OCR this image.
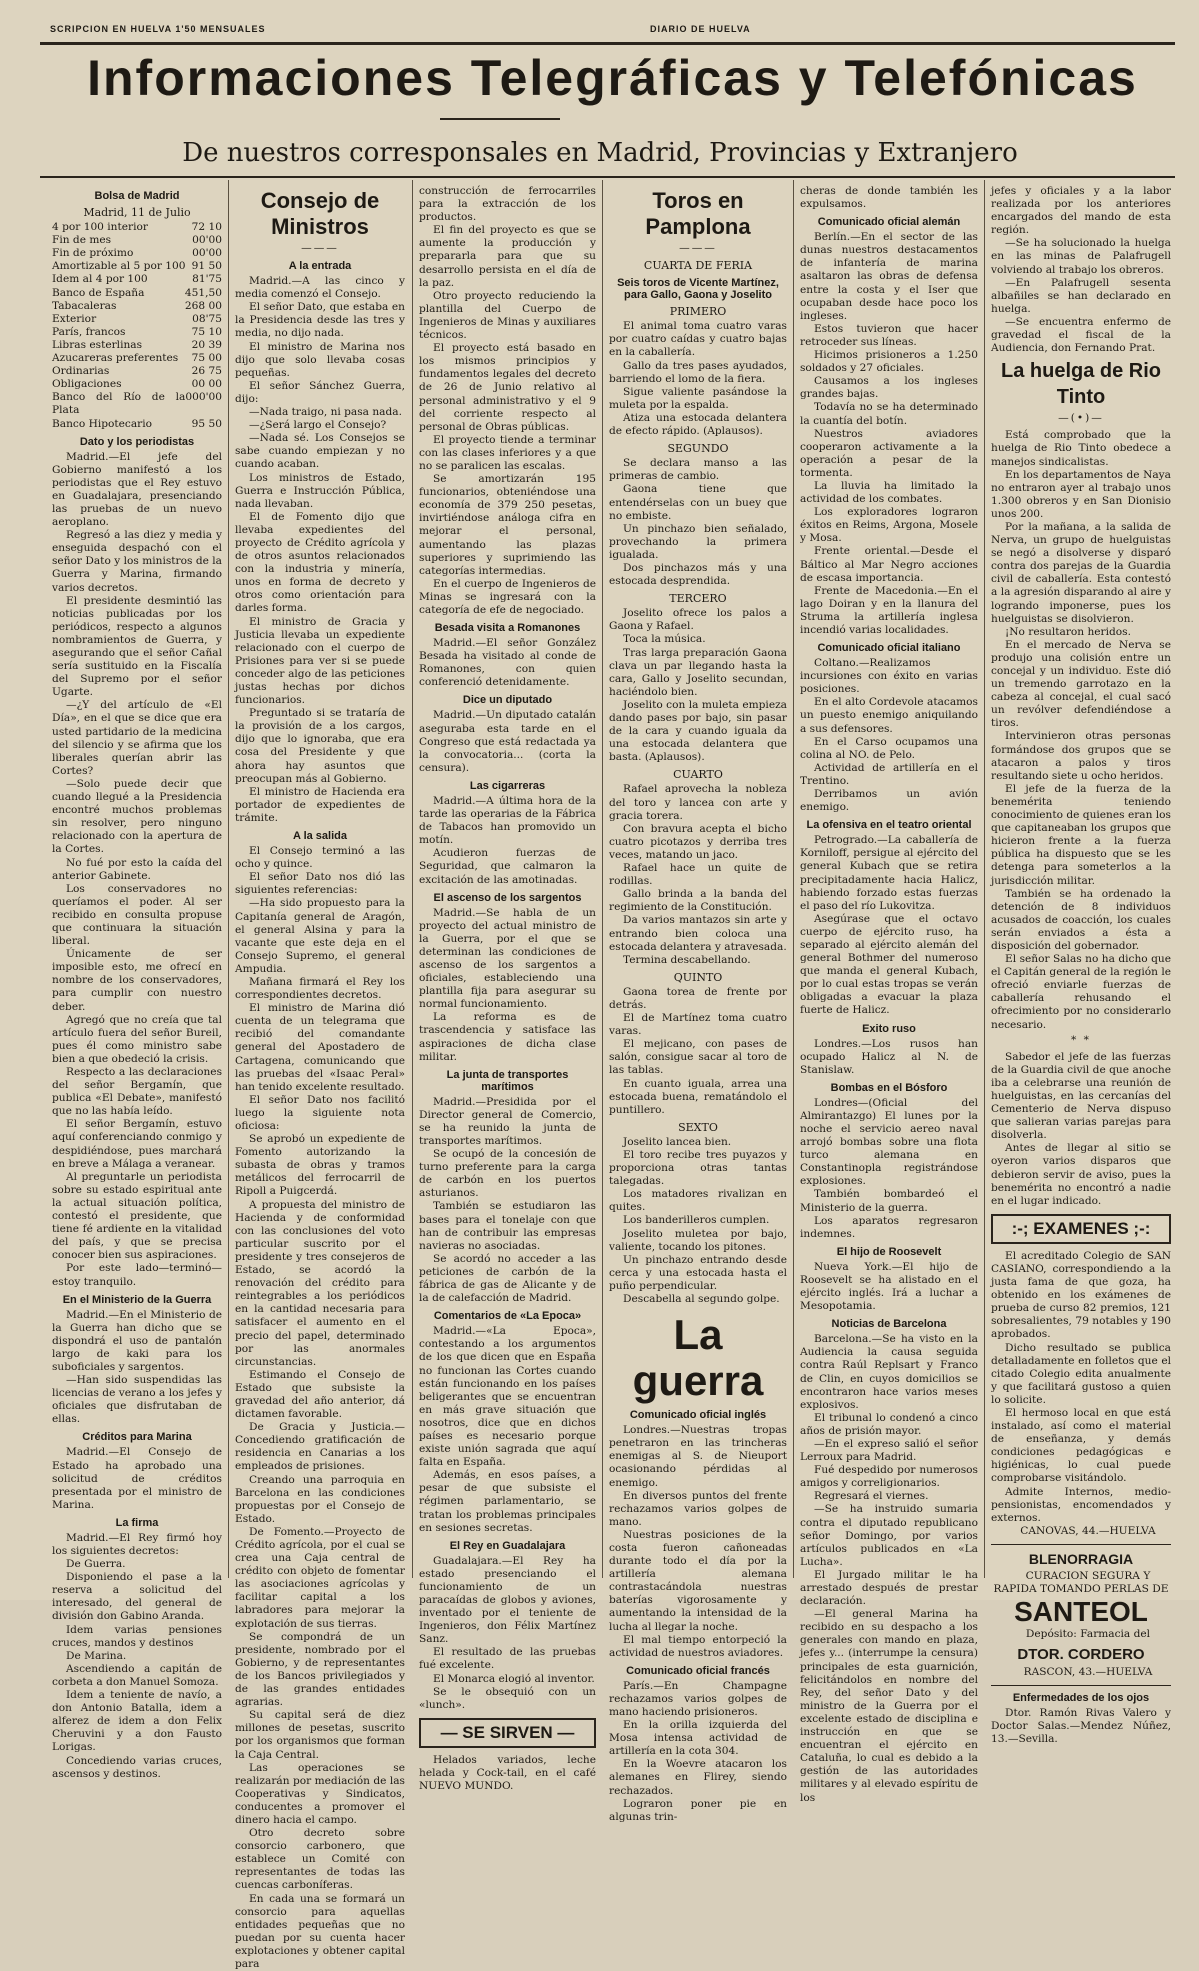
SCRIPCION EN HUELVA 1'50 MENSUALES	DIARIO DE HUELVA
Informaciones Telegráficas y Telefónicas
De nuestros corresponsales en Madrid, Provincias y Extranjero
Bolsa de Madrid

Madrid, 11 de Julio

4 por 100 interior	72 10
Fin de mes	00'00
Fin de próximo	00'00
Amortizable al 5 por 100 91 50
Idem al 4 por 100	81'75
Banco de España	451,50
Tabacaleras	268 00
Exterior	08'75
París, francos	75 10
Libras esterlinas	20 39
Azucareras preferentes 75 00
Ordinarias	26 75
Obligaciones	00 00
Banco del Río de la Plata
000'00
Banco Hipotecario	95 50
Dato y los periodistas

Madrid.—El jefe del Gobierno manifestó a los periodistas que el Rey estuvo en Guadalajara, presenciando las pruebas de un nuevo aeroplano.

Regresó a las diez y media y enseguida despachó con el señor Dato y los ministros de la Guerra y Marina, firmando varios decretos.

El presidente desmintió las noticias publicadas por los periódicos, respecto a algunos nombramientos de Guerra, y asegurando que el señor Cañal sería sustituido en la Fiscalía del Supremo por el señor Ugarte.

—¿Y del artículo de «El Día», en el que se dice que era usted partidario de la medicina del silencio y se afirma que los liberales querían abrir las Cortes?

—Solo puede decir que cuando llegué a la Presidencia encontré muchos problemas sin resolver, pero ninguno relacionado con la apertura de la Cortes.

No fué por esto la caída del anterior Gabinete.

Los conservadores no queríamos el poder. Al ser recibido en consulta propuse que continuara la situación liberal.

Únicamente de ser imposible esto, me ofrecí en nombre de los conservadores, para cumplir con nuestro deber.

Agregó que no creía que tal artículo fuera del señor Bureil, pues él como ministro sabe bien a que obedeció la crisis.

Respecto a las declaraciones del señor Bergamín, que publica «El Debate», manifestó que no las había leído.

El señor Bergamín, estuvo aquí conferenciando conmigo y despidiéndose, pues marchará en breve a Málaga a veranear.

Al preguntarle un periodista sobre su estado espiritual ante la actual situación política, contestó el presidente, que tiene fé ardiente en la vitalidad del país, y que se precisa conocer bien sus aspiraciones.

Por este lado—terminó—estoy tranquilo.

En el Ministerio de la Guerra

Madrid.—En el Ministerio de la Guerra han dicho que se dispondrá el uso de pantalón largo de kaki para los suboficiales y sargentos.

—Han sido suspendidas las licencias de verano a los jefes y oficiales que disfrutaban de ellas.

Créditos para Marina

Madrid.—El Consejo de Estado ha aprobado una solicitud de créditos presentada por el ministro de Marina.

La firma

Madrid.—El Rey firmó hoy los siguientes decretos:

De Guerra.

Disponiendo el pase a la reserva a solicitud del interesado, del general de división don Gabino Aranda.

Idem varias pensiones cruces, mandos y destinos

De Marina.

Ascendiendo a capitán de corbeta a don Manuel Somoza.

Idem a teniente de navío, a don Antonio Batalla, idem a alferez de idem a don Felix Cheruvini y a don Fausto Lorigas.

Concediendo varias cruces, ascensos y destinos.

Consejo de Ministros
———
A la entrada

Madrid.—A las cinco y media comenzó el Consejo.

El señor Dato, que estaba en la Presidencia desde las tres y media, no dijo nada.

El ministro de Marina nos dijo que solo llevaba cosas pequeñas.

El señor Sánchez Guerra, dijo:

—Nada traigo, ni pasa nada.

—¿Será largo el Consejo?

—Nada sé. Los Consejos se sabe cuando empiezan y no cuando acaban.

Los ministros de Estado, Guerra e Instrucción Pública, nada llevaban.

El de Fomento dijo que llevaba expedientes del proyecto de Crédito agrícola y de otros asuntos relacionados con la industria y minería, unos en forma de decreto y otros como orientación para darles forma.

El ministro de Gracia y Justicia llevaba un expediente relacionado con el cuerpo de Prisiones para ver si se puede conceder algo de las peticiones justas hechas por dichos funcionarios.

Preguntado si se trataría de la provisión de a los cargos, dijo que lo ignoraba, que era cosa del Presidente y que ahora hay asuntos que preocupan más al Gobierno.

El ministro de Hacienda era portador de expedientes de trámite.

A la salida

El Consejo terminó a las ocho y quince.

El señor Dato nos dió las siguientes referencias:

—Ha sido propuesto para la Capitanía general de Aragón, el general Alsina y para la vacante que este deja en el Consejo Supremo, el general Ampudia.

Mañana firmará el Rey los correspondientes decretos.

El ministro de Marina dió cuenta de un telegrama que recibió del comandante general del Apostadero de Cartagena, comunicando que las pruebas del «Isaac Peral» han tenido excelente resultado.

El señor Dato nos facilitó luego la siguiente nota oficiosa:

Se aprobó un expediente de Fomento autorizando la subasta de obras y tramos metálicos del ferrocarril de Ripoll a Puigcerdá.

A propuesta del ministro de Hacienda y de conformidad con las conclusiones del voto particular suscrito por el presidente y tres consejeros de Estado, se acordó la renovación del crédito para reintegrables a los periódicos en la cantidad necesaria para satisfacer el aumento en el precio del papel, determinado por las anormales circunstancias.

Estimando el Consejo de Estado que subsiste la gravedad del año anterior, dá dictamen favorable.

De Gracia y Justicia.—Concediendo gratificación de residencia en Canarias a los empleados de prisiones.

Creando una parroquia en Barcelona en las condiciones propuestas por el Consejo de Estado.

De Fomento.—Proyecto de Crédito agrícola, por el cual se crea una Caja central de crédito con objeto de fomentar las asociaciones agrícolas y facilitar capital a los labradores para mejorar la explotación de sus tierras.

Se compondrá de un presidente, nombrado por el Gobierno, y de representantes de los Bancos privilegiados y de las grandes entidades agrarias.

Su capital será de diez millones de pesetas, suscrito por los organismos que forman la Caja Central.

Las operaciones se realizarán por mediación de las Cooperativas y Sindicatos, conducentes a promover el dinero hacia el campo.

Otro decreto sobre consorcio carbonero, que establece un Comité con representantes de todas las cuencas carboníferas.

En cada una se formará un consorcio para aquellas entidades pequeñas que no puedan por su cuenta hacer explotaciones y obtener capital para

construcción de ferrocarriles para la extracción de los productos.

El fin del proyecto es que se aumente la producción y prepararla para que su desarrollo persista en el día de la paz.

Otro proyecto reduciendo la plantilla del Cuerpo de Ingenieros de Minas y auxiliares técnicos.

El proyecto está basado en los mismos principios y fundamentos legales del decreto de 26 de Junio relativo al personal administrativo y el 9 del corriente respecto al personal de Obras públicas.

El proyecto tiende a terminar con las clases inferiores y a que no se paralicen las escalas.

Se amortizarán 195 funcionarios, obteniéndose una economía de 379 250 pesetas, invirtiéndose análoga cifra en mejorar el personal, aumentando las plazas superiores y suprimiendo las categorías intermedias.

En el cuerpo de Ingenieros de Minas se ingresará con la categoría de efe de negociado.

Besada visita a Romanones

Madrid.—El señor González Besada ha visitado al conde de Romanones, con quien conferenció detenidamente.

Dice un diputado

Madrid.—Un diputado catalán aseguraba esta tarde en el Congreso que está redactada ya la convocatoria... (corta la censura).

Las cigarreras

Madrid.—A última hora de la tarde las operarias de la Fábrica de Tabacos han promovido un motín.

Acudieron fuerzas de Seguridad, que calmaron la excitación de las amotinadas.

El ascenso de los sargentos

Madrid.—Se habla de un proyecto del actual ministro de la Guerra, por el que se determinan las condiciones de ascenso de los sargentos a oficiales, estableciendo una plantilla fija para asegurar su normal funcionamiento.

La reforma es de trascendencia y satisface las aspiraciones de dicha clase militar.

La junta de transportes marítimos

Madrid.—Presidida por el Director general de Comercio, se ha reunido la junta de transportes marítimos.

Se ocupó de la concesión de turno preferente para la carga de carbón en los puertos asturianos.

También se estudiaron las bases para el tonelaje con que han de contribuir las empresas navieras no asociadas.

Se acordó no acceder a las peticiones de carbón de la fábrica de gas de Alicante y de la de calefacción de Madrid.

Comentarios de «La Epoca»

Madrid.—«La Epoca», contestando a los argumentos de los que dicen que en España no funcionan las Cortes cuando están funcionando en los países beligerantes que se encuentran en más grave situación que nosotros, dice que en dichos países es necesario porque existe unión sagrada que aquí falta en España.

Además, en esos países, a pesar de que subsiste el régimen parlamentario, se tratan los problemas principales en sesiones secretas.

El Rey en Guadalajara

Guadalajara.—El Rey ha estado presenciando el funcionamiento de un paracaídas de globos y aviones, inventado por el teniente de Ingenieros, don Félix Martínez Sanz.

El resultado de las pruebas fué excelente.

El Monarca elogió al inventor.

Se le obsequió con un «lunch».

— SE SIRVEN —

Helados variados, leche helada y Cock-tail, en el café NUEVO MUNDO.

Toros en Pamplona
———

CUARTA DE FERIA

Seis toros de Vicente Martínez, para Gallo, Gaona y Joselito

PRIMERO

El animal toma cuatro varas por cuatro caídas y cuatro bajas en la caballería.

Gallo da tres pases ayudados, barriendo el lomo de la fiera.

Sigue valiente pasándose la muleta por la espalda.

Atiza una estocada delantera de efecto rápido. (Aplausos).

SEGUNDO

Se declara manso a las primeras de cambio.

Gaona tiene que entendérselas con un buey que no embiste.

Un pinchazo bien señalado, provechando la primera igualada.

Dos pinchazos más y una estocada desprendida.

TERCERO

Joselito ofrece los palos a Gaona y Rafael.

Toca la música.

Tras larga preparación Gaona clava un par llegando hasta la cara, Gallo y Joselito secundan, haciéndolo bien.

Joselito con la muleta empieza dando pases por bajo, sin pasar de la cara y cuando iguala da una estocada delantera que basta. (Aplausos).

CUARTO

Rafael aprovecha la nobleza del toro y lancea con arte y gracia torera.

Con bravura acepta el bicho cuatro picotazos y derriba tres veces, matando un jaco.

Rafael hace un quite de rodillas.

Gallo brinda a la banda del regimiento de la Constitución.

Da varios mantazos sin arte y entrando bien coloca una estocada delantera y atravesada.

Termina descabellando.

QUINTO

Gaona torea de frente por detrás.

El de Martínez toma cuatro varas.

El mejicano, con pases de salón, consigue sacar al toro de las tablas.

En cuanto iguala, arrea una estocada buena, rematándolo el puntillero.

SEXTO

Joselito lancea bien.

El toro recibe tres puyazos y proporciona otras tantas talegadas.

Los matadores rivalizan en quites.

Los banderilleros cumplen.

Joselito muletea por bajo, valiente, tocando los pitones.

Un pinchazo entrando desde cerca y una estocada hasta el puño perpendicular.

Descabella al segundo golpe.

La guerra
Comunicado oficial inglés

Londres.—Nuestras tropas penetraron en las trincheras enemigas al S. de Nieuport ocasionando pérdidas al enemigo.

En diversos puntos del frente rechazamos varios golpes de mano.

Nuestras posiciones de la costa fueron cañoneadas durante todo el día por la artillería alemana contrastacándola nuestras baterías vigorosamente y aumentando la intensidad de la lucha al llegar la noche.

El mal tiempo entorpeció la actividad de nuestros aviadores.

Comunicado oficial francés

París.—En Champagne rechazamos varios golpes de mano haciendo prisioneros.

En la orilla izquierda del Mosa intensa actividad de artillería en la cota 304.

En la Woevre atacaron los alemanes en Flirey, siendo rechazados.

Lograron poner pie en algunas trin-

cheras de donde también les expulsamos.

Comunicado oficial alemán

Berlín.—En el sector de las dunas nuestros destacamentos de infantería de marina asaltaron las obras de defensa entre la costa y el Iser que ocupaban desde hace poco los ingleses.

Estos tuvieron que hacer retroceder sus líneas.

Hicimos prisioneros a 1.250 soldados y 27 oficiales.

Causamos a los ingleses grandes bajas.

Todavía no se ha determinado la cuantía del botín.

Nuestros aviadores cooperaron activamente a la operación a pesar de la tormenta.

La lluvia ha limitado la actividad de los combates.

Los exploradores lograron éxitos en Reims, Argona, Mosele y Mosa.

Frente oriental.—Desde el Báltico al Mar Negro acciones de escasa importancia.

Frente de Macedonia.—En el lago Doiran y en la llanura del Struma la artillería inglesa incendió varias localidades.

Comunicado oficial italiano

Coltano.—Realizamos incursiones con éxito en varias posiciones.

En el alto Cordevole atacamos un puesto enemigo aniquilando a sus defensores.

En el Carso ocupamos una colina al NO. de Pelo.

Actividad de artillería en el Trentino.

Derribamos un avión enemigo.

La ofensiva en el teatro oriental

Petrogrado.—La caballería de Korniloff, persigue al ejército del general Kubach que se retira precipitadamente hacia Halicz, habiendo forzado estas fuerzas el paso del río Lukovitza.

Asegúrase que el octavo cuerpo de ejército ruso, ha separado al ejército alemán del general Bothmer del numeroso que manda el general Kubach, por lo cual estas tropas se verán obligadas a evacuar la plaza fuerte de Halicz.

Exito ruso

Londres.—Los rusos han ocupado Halicz al N. de Stanislaw.

Bombas en el Bósforo

Londres—(Oficial del Almirantazgo) El lunes por la noche el servicio aereo naval arrojó bombas sobre una flota turco alemana en Constantinopla registrándose explosiones.

También bombardeó el Ministerio de la guerra.

Los aparatos regresaron indemnes.

El hijo de Roosevelt

Nueva York.—El hijo de Roosevelt se ha alistado en el ejército inglés. Irá a luchar a Mesopotamia.

Noticias de Barcelona

Barcelona.—Se ha visto en la Audiencia la causa seguida contra Raúl Replsart y Franco de Clin, en cuyos domicilios se encontraron hace varios meses explosivos.

El tribunal lo condenó a cinco años de prisión mayor.

—En el expreso salió el señor Lerroux para Madrid.

Fué despedido por numerosos amigos y correligionarios.

Regresará el viernes.

—Se ha instruido sumaria contra el diputado republicano señor Domingo, por varios artículos publicados en «La Lucha».

El Jurgado militar le ha arrestado después de prestar declaración.

—El general Marina ha recibido en su despacho a los generales con mando en plaza, jefes y... (interrumpe la censura) principales de esta guarnición, felicitándolos en nombre del Rey, del señor Dato y del ministro de la Guerra por el excelente estado de disciplina e instrucción en que se encuentran el ejército en Cataluña, lo cual es debido a la gestión de las autoridades militares y al elevado espíritu de los

jefes y oficiales y a la labor realizada por los anteriores encargados del mando de esta región.

—Se ha solucionado la huelga en las minas de Palafrugell volviendo al trabajo los obreros.

—En Palafrugell sesenta albañiles se han declarado en huelga.

—Se encuentra enfermo de gravedad el fiscal de la Audiencia, don Fernando Prat.

La huelga de Rio Tinto
—(•)—

Está comprobado que la huelga de Rio Tinto obedece a manejos sindicalistas.

En los departamentos de Naya no entraron ayer al trabajo unos 1.300 obreros y en San Dionisio unos 200.

Por la mañana, a la salida de Nerva, un grupo de huelguistas se negó a disolverse y disparó contra dos parejas de la Guardia civil de caballería. Esta contestó a la agresión disparando al aire y logrando imponerse, pues los huelguistas se disolvieron.

¡No resultaron heridos.

En el mercado de Nerva se produjo una colisión entre un concejal y un individuo. Este dió un tremendo garrotazo en la cabeza al concejal, el cual sacó un revólver defendiéndose a tiros.

Intervinieron otras personas formándose dos grupos que se atacaron a palos y tiros resultando siete u ocho heridos.

El jefe de la fuerza de la benemérita teniendo conocimiento de quienes eran los que capitaneaban los grupos que hicieron frente a la fuerza pública ha dispuesto que se les detenga para someterlos a la jurisdicción militar.

También se ha ordenado la detención de 8 individuos acusados de coacción, los cuales serán enviados a ésta a disposición del gobernador.

El señor Salas no ha dicho que el Capitán general de la región le ofreció enviarle fuerzas de caballería rehusando el ofrecimiento por no considerarlo necesario.

* *

Sabedor el jefe de las fuerzas de la Guardia civil de que anoche iba a celebrarse una reunión de huelguistas, en las cercanías del Cementerio de Nerva dispuso que salieran varias parejas para disolverla.

Antes de llegar al sitio se oyeron varios disparos que debieron servir de aviso, pues la benemérita no encontró a nadie en el lugar indicado.

:-; EXAMENES ;-:

El acreditado Colegio de SAN CASIANO, correspondiendo a la justa fama de que goza, ha obtenido en los exámenes de prueba de curso 82 premios, 121 sobresalientes, 79 notables y 190 aprobados.

Dicho resultado se publica detalladamente en folletos que el citado Colegio edita anualmente y que facilitará gustoso a quien lo solicite.

El hermoso local en que está instalado, así como el material de enseñanza, y demás condiciones pedagógicas e higiénicas, lo cual puede comprobarse visitándolo.

Admite Internos, medio-pensionistas, encomendados y externos.

CANOVAS, 44.—HUELVA

BLENORRAGIA

CURACION SEGURA Y RAPIDA TOMANDO PERLAS DE

SANTEOL

Depósito: Farmacia del

DTOR. CORDERO

RASCON, 43.—HUELVA

Enfermedades de los ojos

Dtor. Ramón Rivas Valero y Doctor Salas.—Mendez Núñez, 13.—Sevilla.
